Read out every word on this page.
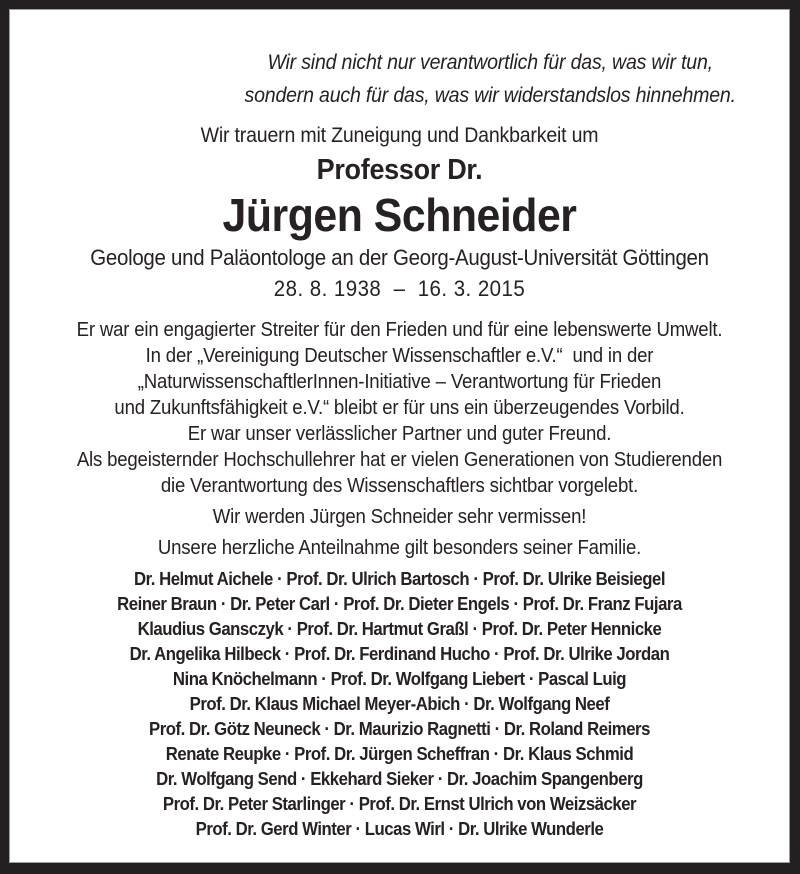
Wir sind nicht nur verantwortlich für das, was wir tun,
sondern auch für das, was wir widerstandslos hinnehmen.
Wir trauern mit Zuneigung und Dankbarkeit um
Professor Dr.
Jürgen Schneider
Geologe und Paläontologe an der Georg-August-Universität Göttingen
28. 8. 1938  –  16. 3. 2015
Er war ein engagierter Streiter für den Frieden und für eine lebenswerte Umwelt.
In der „Vereinigung Deutscher Wissenschaftler e.V.“  und in der
„NaturwissenschaftlerInnen-Initiative – Verantwortung für Frieden
und Zukunftsfähigkeit e.V.“ bleibt er für uns ein überzeugendes Vorbild.
Er war unser verlässlicher Partner und guter Freund.
Als begeisternder Hochschullehrer hat er vielen Generationen von Studierenden
die Verantwortung des Wissenschaftlers sichtbar vorgelebt.
Wir werden Jürgen Schneider sehr vermissen!
Unsere herzliche Anteilnahme gilt besonders seiner Familie.
Dr. Helmut Aichele · Prof. Dr. Ulrich Bartosch · Prof. Dr. Ulrike Beisiegel
Reiner Braun · Dr. Peter Carl · Prof. Dr. Dieter Engels · Prof. Dr. Franz Fujara
Klaudius Gansczyk · Prof. Dr. Hartmut Graßl · Prof. Dr. Peter Hennicke
Dr. Angelika Hilbeck · Prof. Dr. Ferdinand Hucho · Prof. Dr. Ulrike Jordan
Nina Knöchelmann · Prof. Dr. Wolfgang Liebert · Pascal Luig
Prof. Dr. Klaus Michael Meyer-Abich · Dr. Wolfgang Neef
Prof. Dr. Götz Neuneck · Dr. Maurizio Ragnetti · Dr. Roland Reimers
Renate Reupke · Prof. Dr. Jürgen Scheffran · Dr. Klaus Schmid
Dr. Wolfgang Send · Ekkehard Sieker · Dr. Joachim Spangenberg
Prof. Dr. Peter Starlinger · Prof. Dr. Ernst Ulrich von Weizsäcker
Prof. Dr. Gerd Winter · Lucas Wirl · Dr. Ulrike Wunderle
